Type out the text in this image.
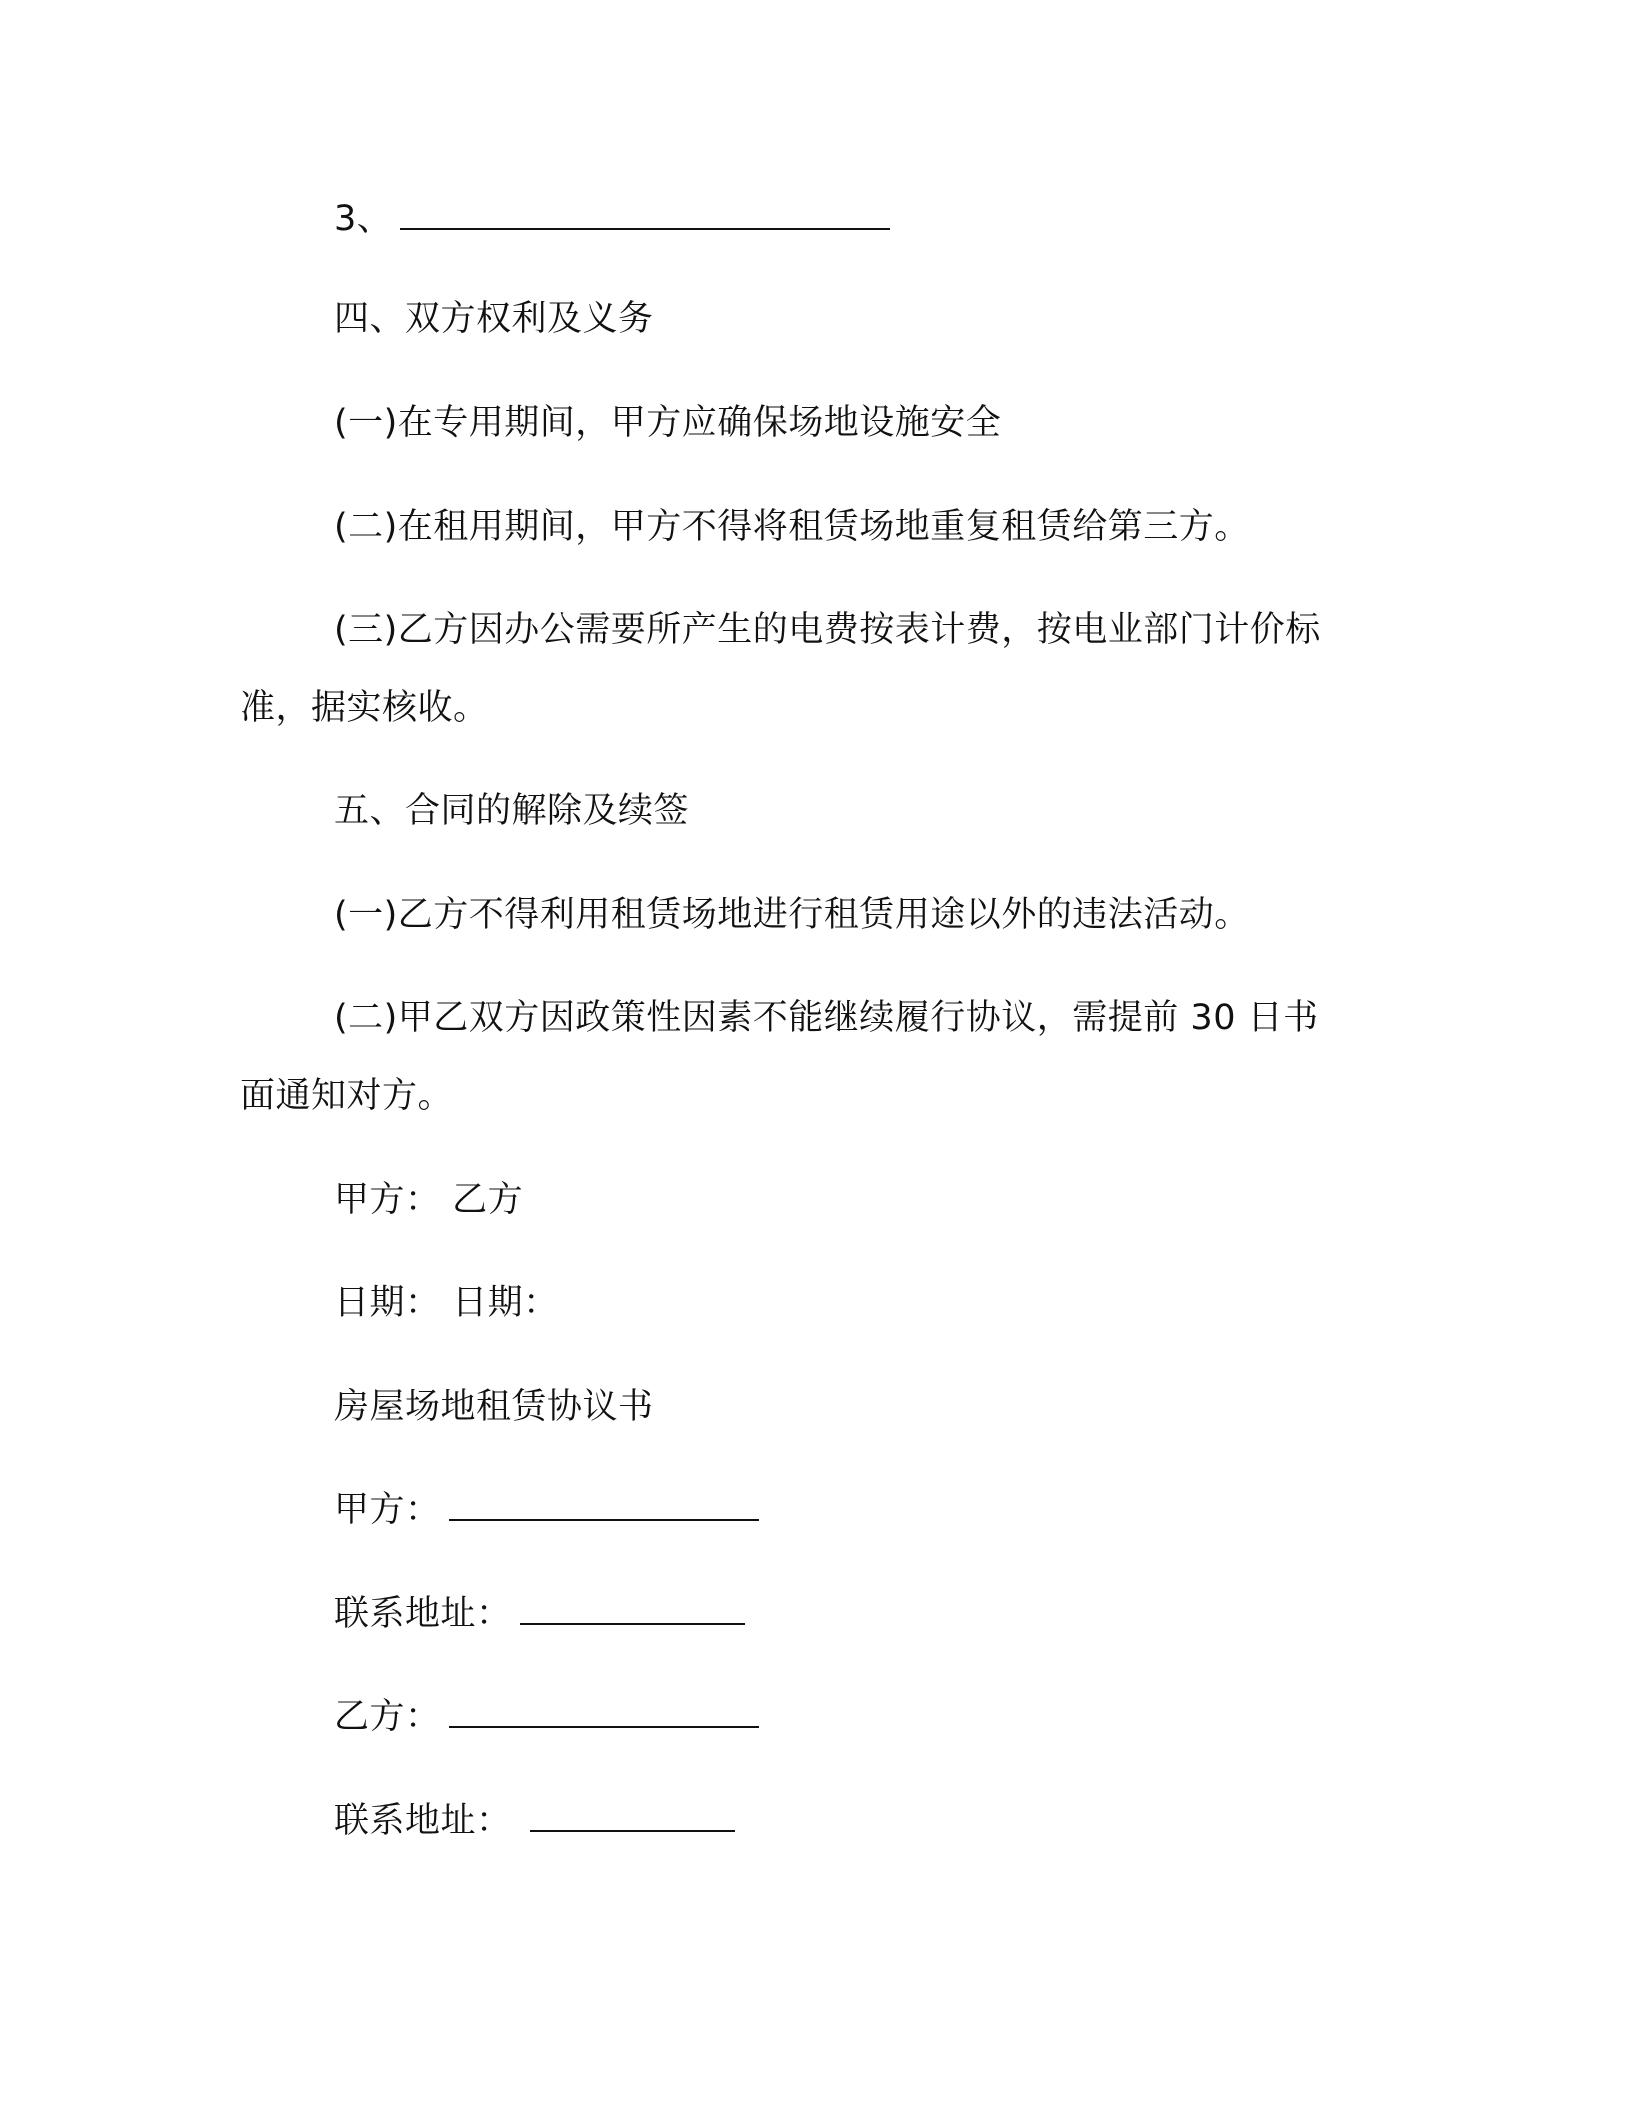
3、
四、双方权利及义务
(一)在专用期间，甲方应确保场地设施安全
(二)在租用期间，甲方不得将租赁场地重复租赁给第三方。
(三)乙方因办公需要所产生的电费按表计费，按电业部门计价标
准，据实核收。
五、合同的解除及续签
(一)乙方不得利用租赁场地进行租赁用途以外的违法活动。
(二)甲乙双方因政策性因素不能继续履行协议，需提前 30 日书
面通知对方。
甲方： 乙方
日期： 日期：
房屋场地租赁协议书
甲方：
联系地址：
乙方：
联系地址：
